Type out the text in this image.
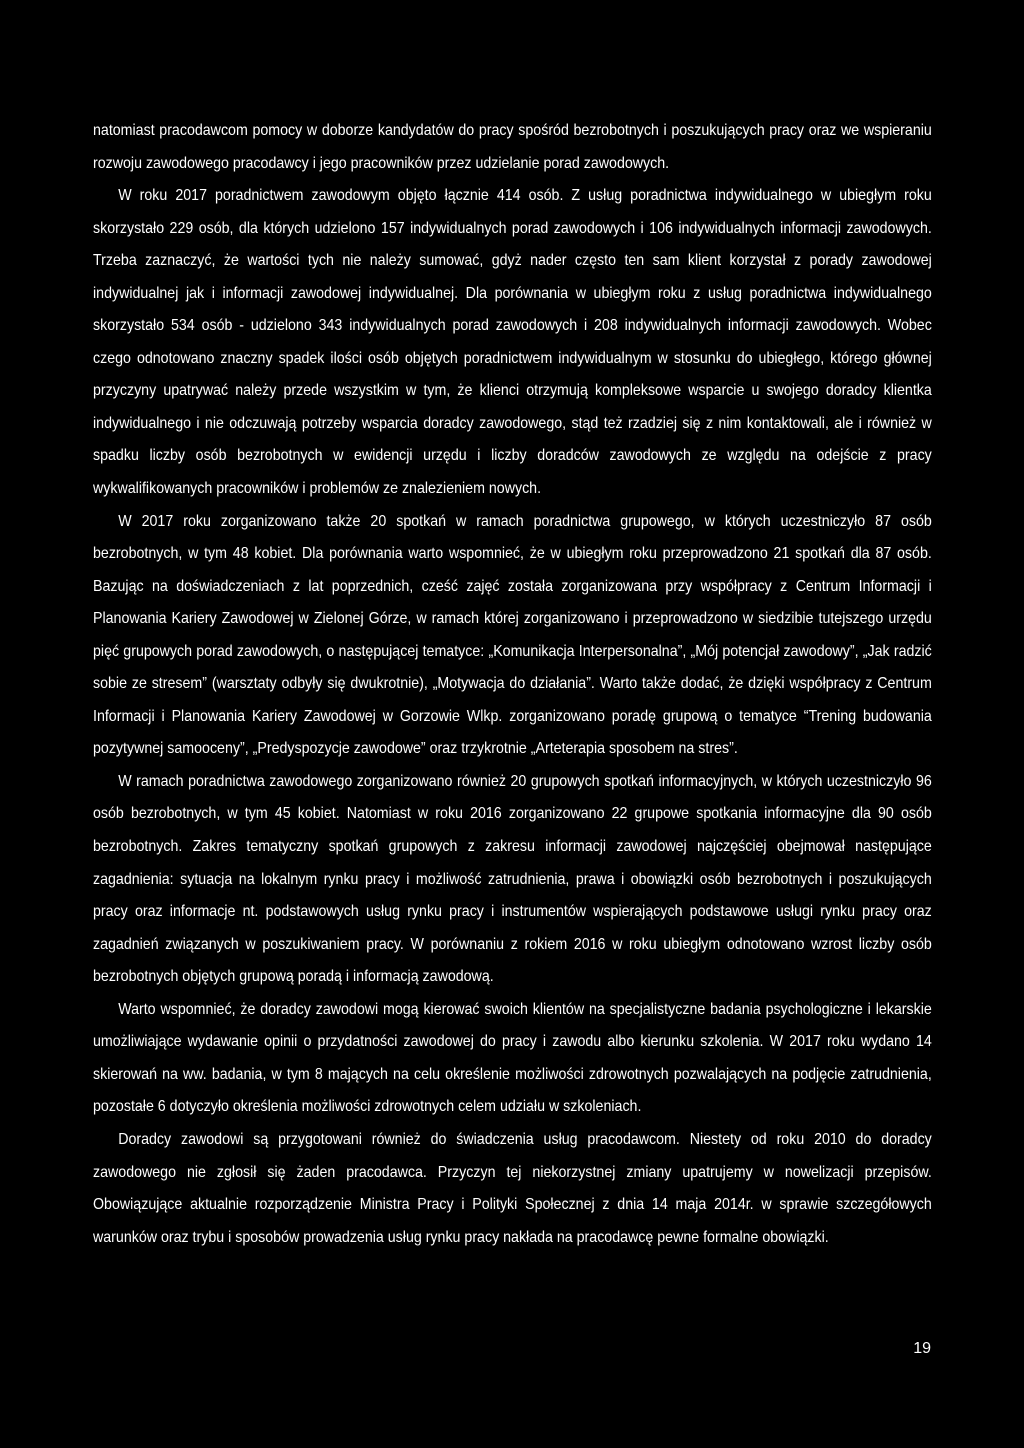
natomiast pracodawcom pomocy w doborze kandydatów do pracy spośród bezrobotnych i poszukujących pracy oraz we wspieraniu rozwoju zawodowego pracodawcy i jego pracowników przez udzielanie porad zawodowych.

W roku 2017 poradnictwem zawodowym objęto łącznie 414 osób. Z usług poradnictwa indywidualnego w ubiegłym roku skorzystało 229 osób, dla których udzielono 157 indywidualnych porad zawodowych i 106 indywidualnych informacji zawodowych. Trzeba zaznaczyć, że wartości tych nie należy sumować, gdyż nader często ten sam klient korzystał z porady zawodowej indywidualnej jak i informacji zawodowej indywidualnej. Dla porównania w ubiegłym roku z usług poradnictwa indywidualnego skorzystało 534 osób - udzielono 343 indywidualnych porad zawodowych i 208 indywidualnych informacji zawodowych. Wobec czego odnotowano znaczny spadek ilości osób objętych poradnictwem indywidualnym w stosunku do ubiegłego, którego głównej przyczyny upatrywać należy przede wszystkim w tym, że klienci otrzymują kompleksowe wsparcie u swojego doradcy klientka indywidualnego i nie odczuwają potrzeby wsparcia doradcy zawodowego, stąd też rzadziej się z nim kontaktowali, ale i również w spadku liczby osób bezrobotnych w ewidencji urzędu i liczby doradców zawodowych ze względu na odejście z pracy wykwalifikowanych pracowników i problemów ze znalezieniem nowych.

W 2017 roku zorganizowano także 20 spotkań w ramach poradnictwa grupowego, w których uczestniczyło 87 osób bezrobotnych, w tym 48 kobiet. Dla porównania warto wspomnieć, że w ubiegłym roku przeprowadzono 21 spotkań dla 87 osób. Bazując na doświadczeniach z lat poprzednich, cześć zajęć została zorganizowana przy współpracy z Centrum Informacji i Planowania Kariery Zawodowej w Zielonej Górze, w ramach której zorganizowano i przeprowadzono w siedzibie tutejszego urzędu pięć grupowych porad zawodowych, o następującej tematyce: „Komunikacja Interpersonalna”, „Mój potencjał zawodowy”, „Jak radzić sobie ze stresem” (warsztaty odbyły się dwukrotnie), „Motywacja do działania”. Warto także dodać, że dzięki współpracy z Centrum Informacji i Planowania Kariery Zawodowej w Gorzowie Wlkp. zorganizowano poradę grupową o tematyce “Trening budowania pozytywnej samooceny”, „Predyspozycje zawodowe” oraz trzykrotnie „Arteterapia sposobem na stres”.

W ramach poradnictwa zawodowego zorganizowano również 20 grupowych spotkań informacyjnych, w których uczestniczyło 96 osób bezrobotnych, w tym 45 kobiet. Natomiast w roku 2016 zorganizowano 22 grupowe spotkania informacyjne dla 90 osób bezrobotnych. Zakres tematyczny spotkań grupowych z zakresu informacji zawodowej najczęściej obejmował następujące zagadnienia: sytuacja na lokalnym rynku pracy i możliwość zatrudnienia, prawa i obowiązki osób bezrobotnych i poszukujących pracy oraz informacje nt. podstawowych usług rynku pracy i instrumentów wspierających podstawowe usługi rynku pracy oraz zagadnień związanych w poszukiwaniem pracy. W porównaniu z rokiem 2016 w roku ubiegłym odnotowano wzrost liczby osób bezrobotnych objętych grupową poradą i informacją zawodową.

Warto wspomnieć, że doradcy zawodowi mogą kierować swoich klientów na specjalistyczne badania psychologiczne i lekarskie umożliwiające wydawanie opinii o przydatności zawodowej do pracy i zawodu albo kierunku szkolenia. W 2017 roku wydano 14 skierowań na ww. badania, w tym 8 mających na celu określenie możliwości zdrowotnych pozwalających na podjęcie zatrudnienia, pozostałe 6 dotyczyło określenia możliwości zdrowotnych celem udziału w szkoleniach.

Doradcy zawodowi są przygotowani również do świadczenia usług pracodawcom. Niestety od roku 2010 do doradcy zawodowego nie zgłosił się żaden pracodawca. Przyczyn tej niekorzystnej zmiany upatrujemy w nowelizacji przepisów. Obowiązujące aktualnie rozporządzenie Ministra Pracy i Polityki Społecznej z dnia 14 maja 2014r. w sprawie szczegółowych warunków oraz trybu i sposobów prowadzenia usług rynku pracy nakłada na pracodawcę pewne formalne obowiązki.

19
